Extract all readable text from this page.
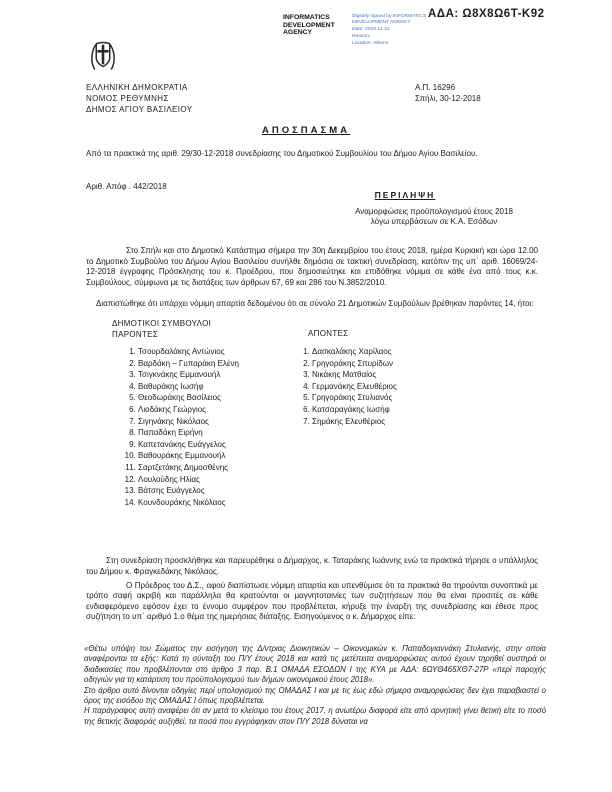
ΑΔΑ: Ω8Χ8Ω6Τ-Κ92
INFORMATICS DEVELOPMENT AGENCY
Digitally signed by INFORMATICS DEVELOPMENT AGENCY
Date: 2018.12.31
Reason:
Location: Athens
ΕΛΛΗΝΙΚΗ ΔΗΜΟΚΡΑΤΙΑ
ΝΟΜΟΣ ΡΕΘΥΜΝΗΣ
ΔΗΜΟΣ ΑΓΙΟΥ ΒΑΣΙΛΕΙΟΥ
Α.Π. 16296
Σπήλι, 30-12-2018
ΑΠΟΣΠΑΣΜΑ
Από τα πρακτικά της αριθ. 29/30-12-2018 συνεδρίασης του Δημοτικού Συμβουλίου του Δήμου Αγίου Βασιλείου.
Αριθ. Απόφ . 442/2018
ΠΕΡΙΛΗΨΗ
Αναμορφώσεις προϋπολογισμού έτους 2018
λόγω υπερβάσεων σε Κ.Α. Εσόδων
Στο Σπήλι και στο Δημοτικό Κατάστημα σήμερα την 30η Δεκεμβρίου του έτους 2018, ημέρα Κυριακή και ώρα 12.00 το Δημοτικό Συμβούλιο του Δήμου Αγίου Βασιλείου συνήλθε δημόσια σε τακτική συνεδρίαση, κατόπιν της υπ΄ αριθ. 16069/24-12-2018 έγγραφης Πρόσκλησης του κ. Προέδρου, που δημοσιεύτηκε και επιδόθηκε νόμιμα σε κάθε ένα από τους κ.κ. Συμβούλους, σύμφωνα με τις διατάξεις των άρθρων 67, 69 και 286 του Ν.3852/2010.
Διαπιστώθηκε ότι υπάρχει νόμιμη απαρτία δεδομένου ότι σε σύνολο 21 Δημοτικών Συμβούλων βρέθηκαν παρόντες 14, ήτοι:
ΔΗΜΟΤΙΚΟΙ ΣΥΜΒΟΥΛΟΙ
ΠΑΡΟΝΤΕΣ	ΑΠΟΝΤΕΣ
1. Τσουρδαλάκης Αντώνιος
2. Βαρδάκη – Γυπαράκη Ελένη
3. Τσιγκνάκης Εμμανουήλ
4. Βαθυράκης Ιωσήφ
5. Θεοδωράκης Βασίλειος
6. Λιοδάκης Γεώργιος
7. Σιγηνάκης Νικόλαος
8. Παπαδάκη Ειρήνη
9. Καπετανάκης Ευάγγελος
10. Βαθουράκης Εμμανουήλ
11. Σαρτζετάκης Δημοσθένης
12. Λουλούδης Ηλίας
13. Βάτσης Ευάγγελος
14. Κουνδουράκης Νικόλαος
1. Δασκαλάκης Χαρίλαος
2. Γρηγοράκης Σπυρίδων
3. Νικάκης Ματθαίος
4. Γερμανάκης Ελευθέριος
5. Γρηγοράκης Στυλιανός
6. Κατσαραγάκης Ιωσήφ
7. Σημάκης Ελευθέριος
Στη συνεδρίαση προσκλήθηκε και παρευρέθηκε ο Δήμαρχος, κ. Ταταράκης Ιωάννης ενώ τα πρακτικά τήρησε ο υπάλληλος του Δήμου κ. Φραγκεδάκης Νικόλαος.
Ο Πρόεδρος του Δ.Σ., αφού διαπίστωσε νόμιμη απαρτία και υπενθύμισε ότι τα πρακτικά θα τηρούνται συνοπτικά με τρόπο σαφή ακριβή και παράλληλα θα κρατούνται οι μαγνητοταινίες των συζητήσεων που θα είναι προσιτές σε κάθε ενδιαφερόμενο εφόσον έχει το έννομο συμφέρον που προβλέπεται, κήρυξε την έναρξη της συνεδρίασης και έθεσε προς συζήτηση το υπ΄ αριθμό 1.ο θέμα της ημερήσιας διάταξης. Εισηγούμενος ο κ. Δήμαρχος είπε:

«Θέτω υπόψη του Σώματος την εισήγηση της Δ/ντριας Διοικητικών – Οικονομικών κ. Παπαδογιαννάκη Στυλιανής, στην οποία αναφέρονται τα εξής: Κατά τη σύνταξη του Π/Υ έτους 2018 και κατά τις μετέπειτα αναμορφώσεις αυτού έχουν τηρηθεί αυστηρά οι διαδικασίες που προβλέπονται στο άρθρο 3 παρ. Β.1 ΟΜΑΔΑ ΕΣΟΔΩΝ Ι της ΚΥΑ με ΑΔΑ: 6ΩΥΘ465ΧΘ7-27Ρ «περί παροχής οδηγιών για τη κατάρτιση του προϋπολογισμού των δήμων οικονομικού έτους 2018».

Στο άρθρο αυτό δίνονται οδηγίες περί υπολογισμού της ΟΜΑΔΑΣ Ι και με τις έως εδώ σήμερα αναμορφώσεις δεν έχει παραβιαστεί ο όρος της εισόδου της ΟΜΑΔΑΣ Ι όπως προβλέπεται.

Η παράγραφος αυτή αναφέρει ότι αν μετά το κλείσιμο του έτους 2017, η ανωτέρω διαφορά είτε από αρνητική γίνει θετική είτε το ποσό της θετικής διαφοράς αυξηθεί, τα ποσά που εγγράφηκαν στον Π/Υ 2018 δύναται να
